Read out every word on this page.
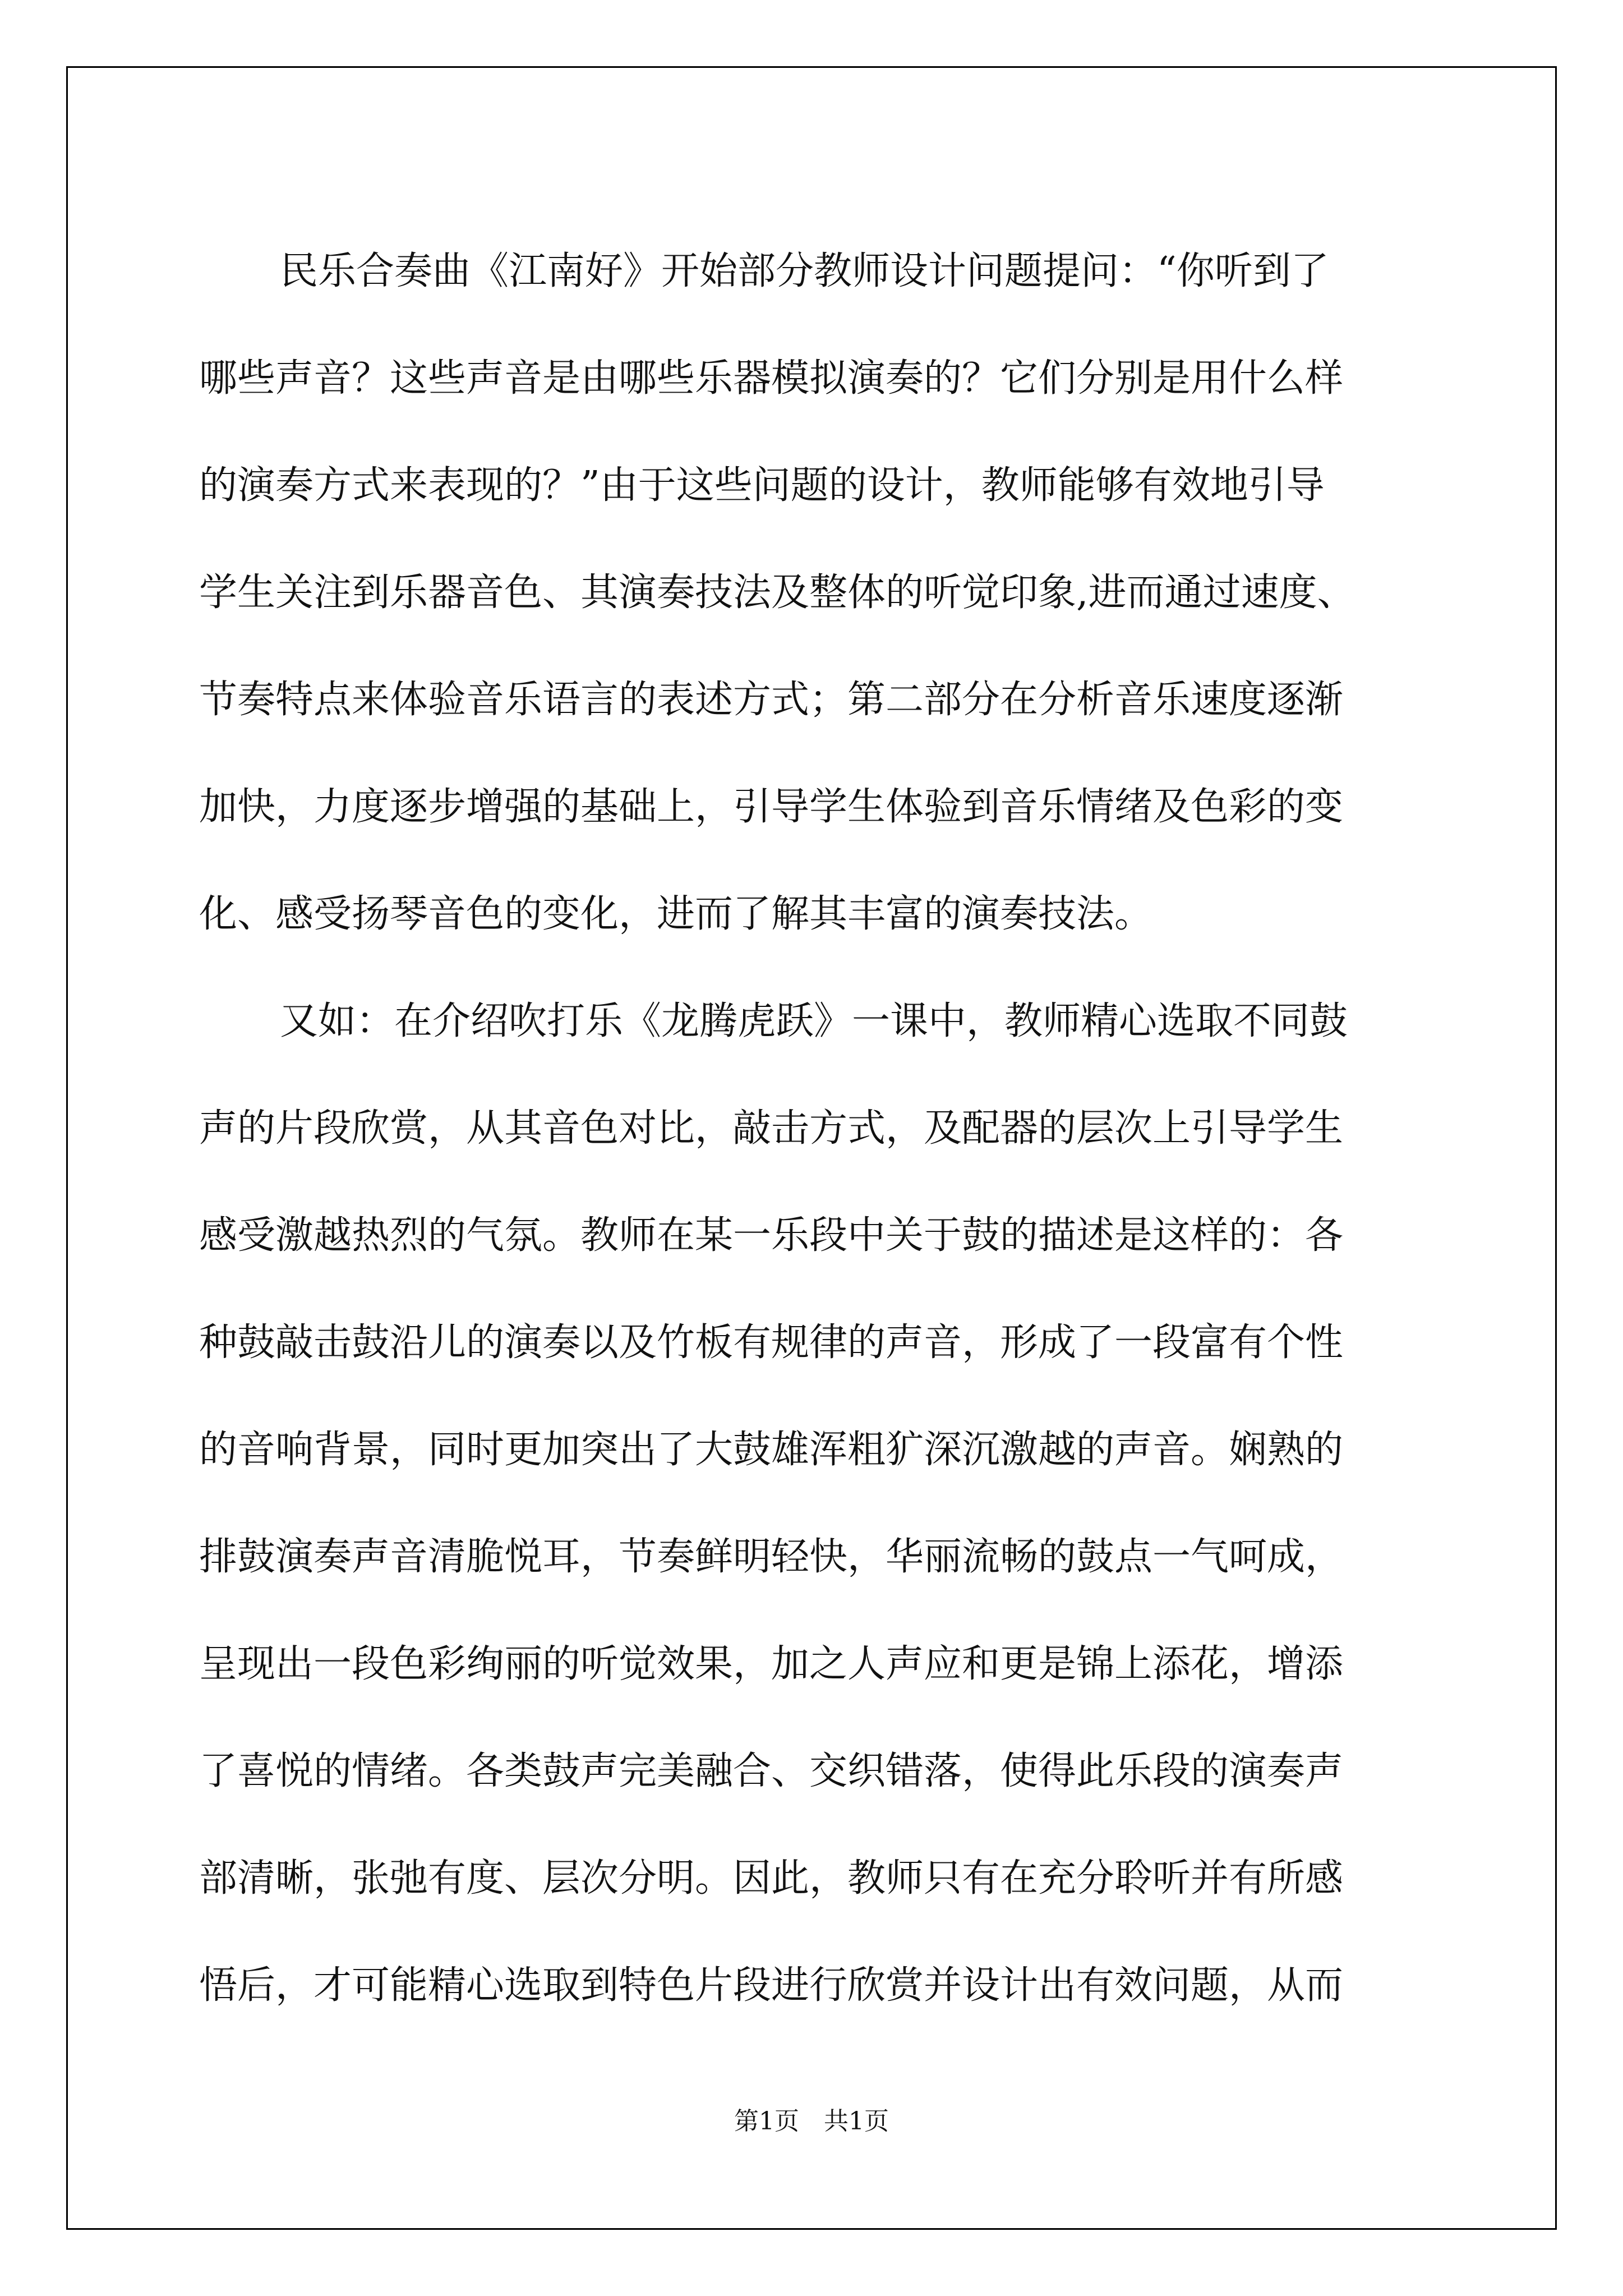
民乐合奏曲《江南好》开始部分教师设计问题提问：“你听到了
哪些声音？这些声音是由哪些乐器模拟演奏的？它们分别是用什么样
的演奏方式来表现的？”由于这些问题的设计，教师能够有效地引导
学生关注到乐器音色、其演奏技法及整体的听觉印象,进而通过速度、
节奏特点来体验音乐语言的表述方式；第二部分在分析音乐速度逐渐
加快，力度逐步增强的基础上，引导学生体验到音乐情绪及色彩的变
化、感受扬琴音色的变化，进而了解其丰富的演奏技法。
又如：在介绍吹打乐《龙腾虎跃》一课中，教师精心选取不同鼓
声的片段欣赏，从其音色对比，敲击方式，及配器的层次上引导学生
感受激越热烈的气氛。教师在某一乐段中关于鼓的描述是这样的：各
种鼓敲击鼓沿儿的演奏以及竹板有规律的声音，形成了一段富有个性
的音响背景，同时更加突出了大鼓雄浑粗犷深沉激越的声音。娴熟的
排鼓演奏声音清脆悦耳，节奏鲜明轻快，华丽流畅的鼓点一气呵成，
呈现出一段色彩绚丽的听觉效果，加之人声应和更是锦上添花，增添
了喜悦的情绪。各类鼓声完美融合、交织错落，使得此乐段的演奏声
部清晰，张弛有度、层次分明。因此，教师只有在充分聆听并有所感
悟后，才可能精心选取到特色片段进行欣赏并设计出有效问题，从而
第1页 共1页
